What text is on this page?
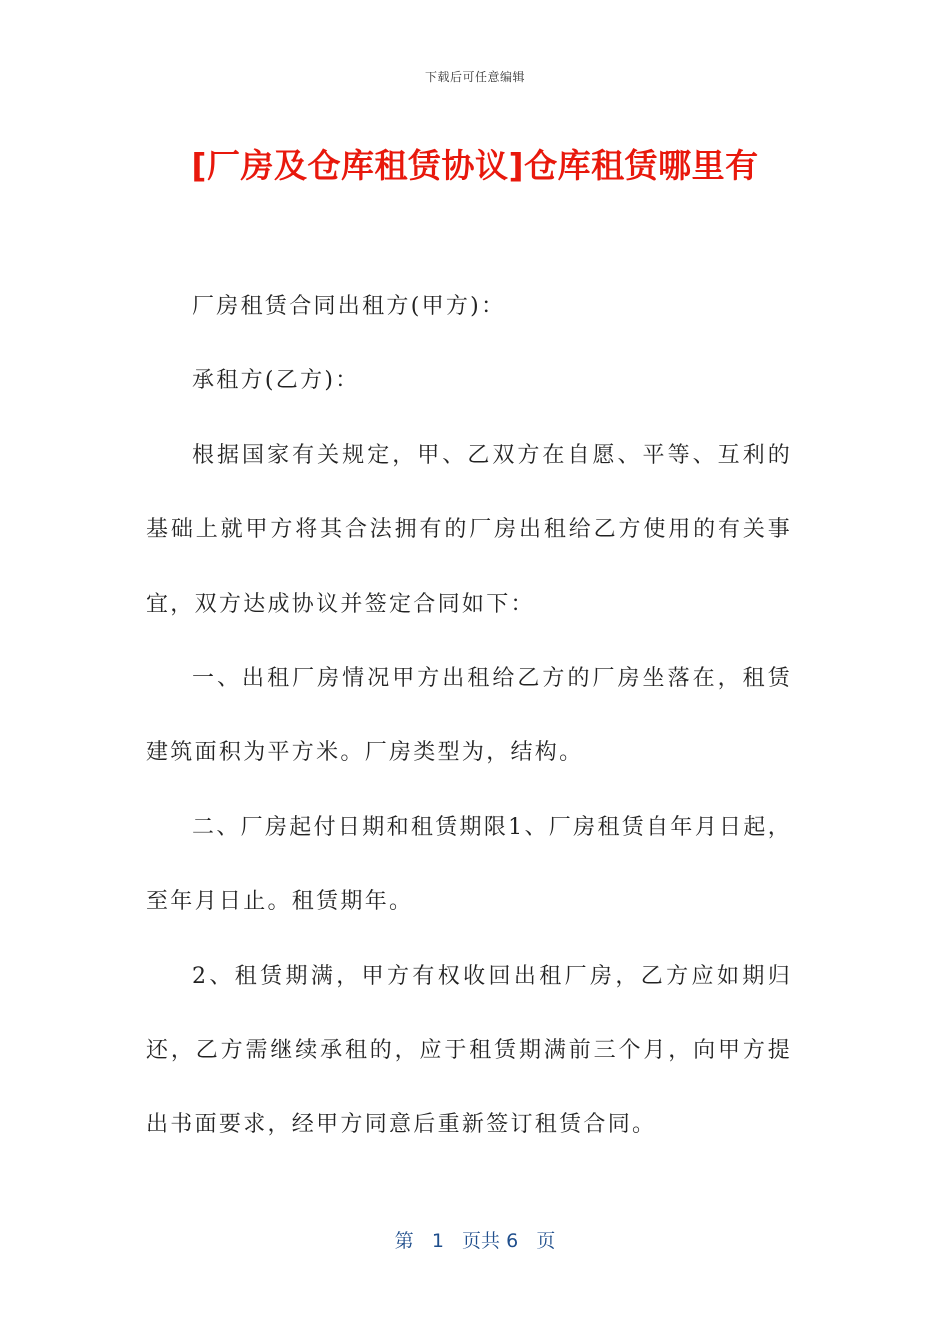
下载后可任意编辑
[厂房及仓库租赁协议]仓库租赁哪里有

厂房租赁合同出租方(甲方)：

承租方(乙方)：

根据国家有关规定，甲、乙双方在自愿、平等、互利的基础上就甲方将其合法拥有的厂房出租给乙方使用的有关事宜，双方达成协议并签定合同如下：

一、出租厂房情况甲方出租给乙方的厂房坐落在，租赁建筑面积为平方米。厂房类型为，结构。

二、厂房起付日期和租赁期限1、厂房租赁自年月日起，至年月日止。租赁期年。

2、租赁期满，甲方有权收回出租厂房，乙方应如期归还，乙方需继续承租的，应于租赁期满前三个月，向甲方提出书面要求，经甲方同意后重新签订租赁合同。

第 1 页共 6 页
